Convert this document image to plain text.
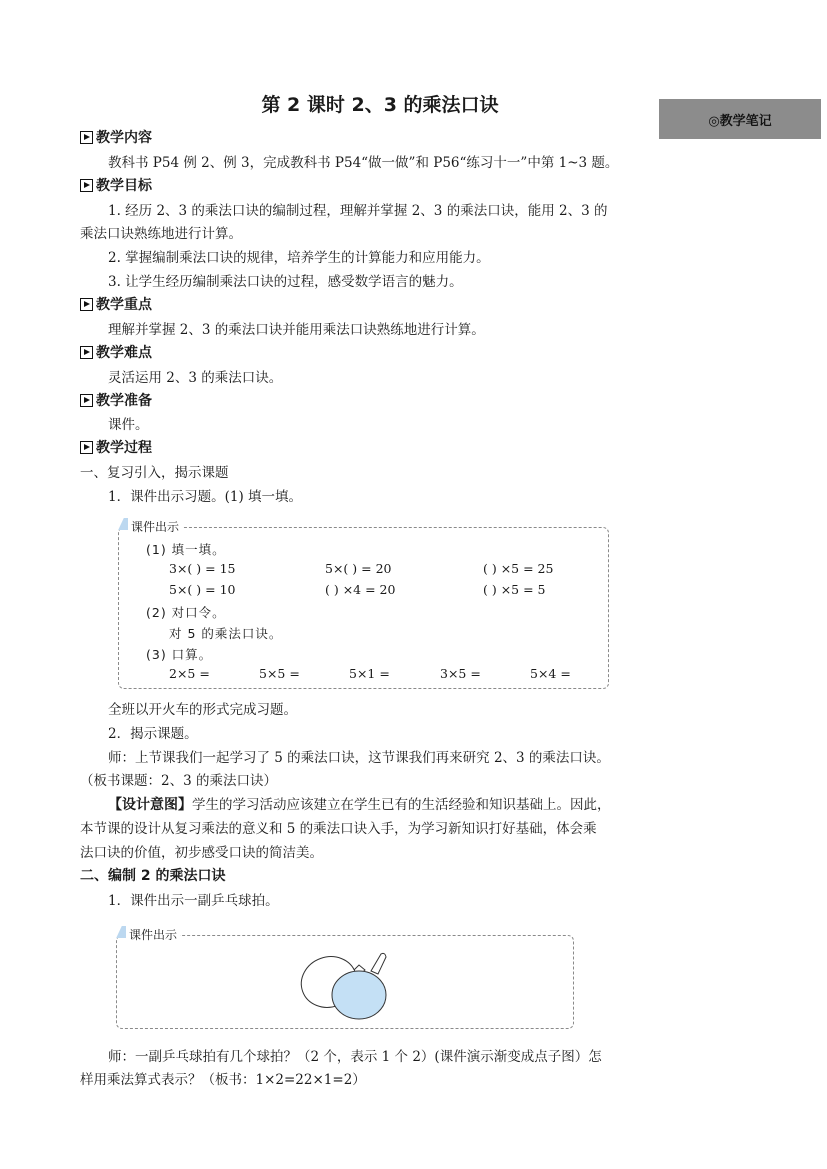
第 2 课时 2、3 的乘法口诀
◎教学笔记
教学内容
教科书 P54 例 2、例 3，完成教科书 P54“做一做”和 P56“练习十一”中第 1~3 题。
教学目标
1. 经历 2、3 的乘法口诀的编制过程，理解并掌握 2、3 的乘法口诀，能用 2、3 的
乘法口诀熟练地进行计算。
2. 掌握编制乘法口诀的规律，培养学生的计算能力和应用能力。
3. 让学生经历编制乘法口诀的过程，感受数学语言的魅力。
教学重点
理解并掌握 2、3 的乘法口诀并能用乘法口诀熟练地进行计算。
教学难点
灵活运用 2、3 的乘法口诀。
教学准备
课件。
教学过程
一、复习引入，揭示课题
1．课件出示习题。(1) 填一填。
课件出示
(1) 填一填。
3×( ) = 15	5×( ) = 20	( ) ×5 = 25
5×( ) = 10	( ) ×4 = 20	( ) ×5 = 5
(2) 对口令。
对 5 的乘法口诀。
(3) 口算。
2×5 =	5×5 =	5×1 =	3×5 =	5×4 =
全班以开火车的形式完成习题。
2．揭示课题。
师：上节课我们一起学习了 5 的乘法口诀，这节课我们再来研究 2、3 的乘法口诀。
（板书课题：2、3 的乘法口诀）
【设计意图】学生的学习活动应该建立在学生已有的生活经验和知识基础上。因此，
本节课的设计从复习乘法的意义和 5 的乘法口诀入手，为学习新知识打好基础，体会乘
法口诀的价值，初步感受口诀的简洁美。
二、编制 2 的乘法口诀
1．课件出示一副乒乓球拍。
课件出示
师：一副乒乓球拍有几个球拍？（2 个，表示 1 个 2）(课件演示渐变成点子图）怎
样用乘法算式表示？（板书：1×2=22×1=2）
